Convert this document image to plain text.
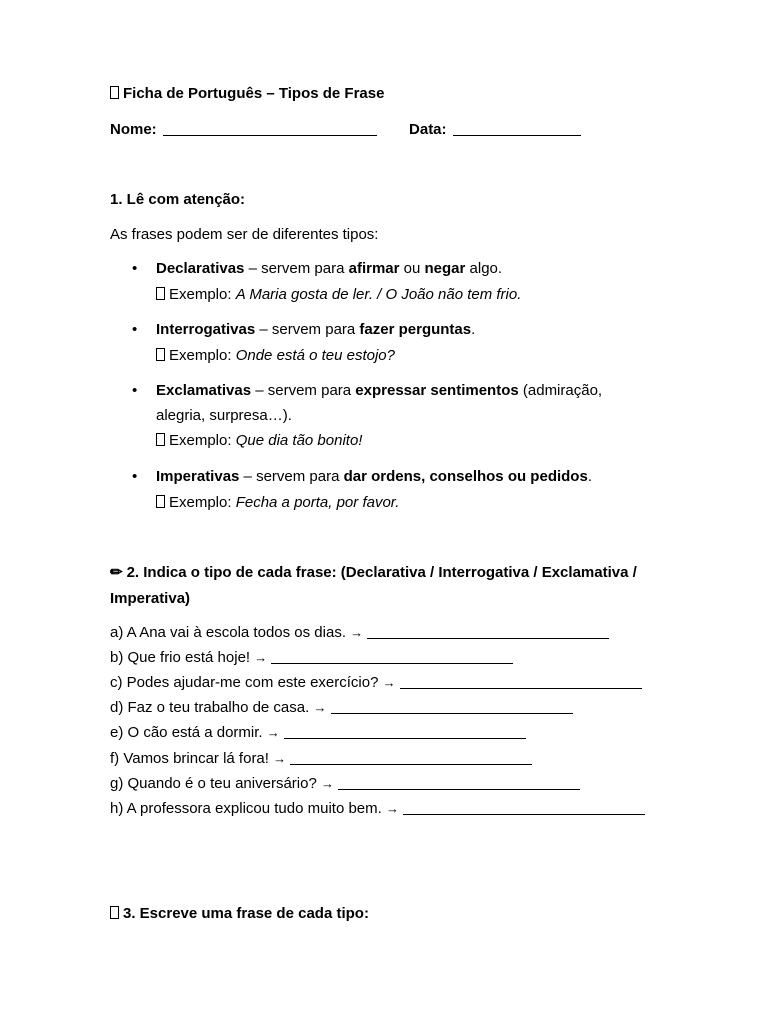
Ficha de Português – Tipos de Frase
Nome:	Data:
1. Lê com atenção:
As frases podem ser de diferentes tipos:
• Declarativas – servem para afirmar ou negar algo.
Exemplo: A Maria gosta de ler. / O João não tem frio.
• Interrogativas – servem para fazer perguntas.
Exemplo: Onde está o teu estojo?
• Exclamativas – servem para expressar sentimentos (admiração,
alegria, surpresa…).
Exemplo: Que dia tão bonito!
• Imperativas – servem para dar ordens, conselhos ou pedidos.
Exemplo: Fecha a porta, por favor.
✏ 2. Indica o tipo de cada frase: (Declarativa / Interrogativa / Exclamativa /
Imperativa)
a) A Ana vai à escola todos os dias. →
b) Que frio está hoje! →
c) Podes ajudar-me com este exercício? →
d) Faz o teu trabalho de casa. →
e) O cão está a dormir. →
f) Vamos brincar lá fora! →
g) Quando é o teu aniversário? →
h) A professora explicou tudo muito bem. →
3. Escreve uma frase de cada tipo:
